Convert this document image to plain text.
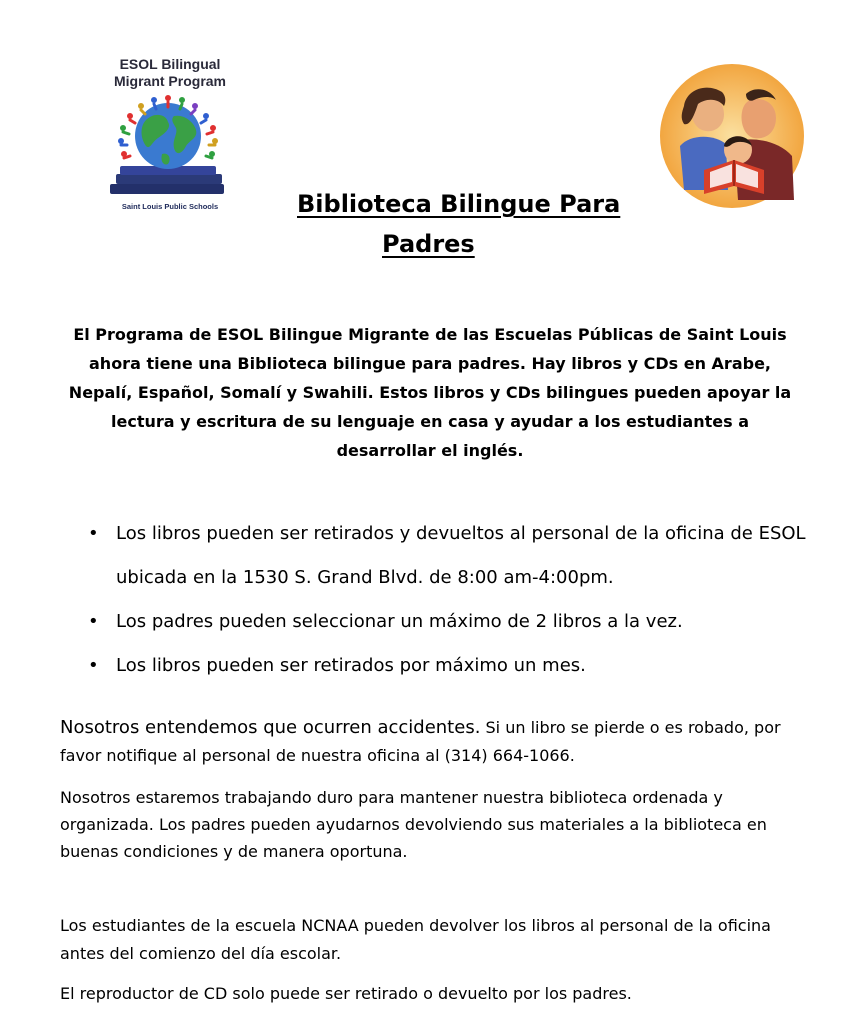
ESOL Bilingual
Migrant Program
Saint Louis Public Schools	Biblioteca Bilingue Para
Padres
El Programa de ESOL Bilingue Migrante de las Escuelas Públicas de Saint Louis ahora tiene una Biblioteca bilingue para padres. Hay libros y CDs en Arabe, Nepalí, Español, Somalí y Swahili. Estos libros y CDs bilingues pueden apoyar la lectura y escritura de su lenguaje en casa y ayudar a los estudiantes a desarrollar el inglés.
• Los libros pueden ser retirados y devueltos al personal de la oficina de ESOL ubicada en la 1530 S. Grand Blvd. de 8:00 am-4:00pm.
• Los padres pueden seleccionar un máximo de 2 libros a la vez.
• Los libros pueden ser retirados por máximo un mes.

Nosotros entendemos que ocurren accidentes. Si un libro se pierde o es robado, por favor notifique al personal de nuestra oficina al (314) 664-1066.

Nosotros estaremos trabajando duro para mantener nuestra biblioteca ordenada y organizada. Los padres pueden ayudarnos devolviendo sus materiales a la biblioteca en buenas condiciones y de manera oportuna.

Los estudiantes de la escuela NCNAA pueden devolver los libros al personal de la oficina antes del comienzo del día escolar.

El reproductor de CD solo puede ser retirado o devuelto por los padres.
